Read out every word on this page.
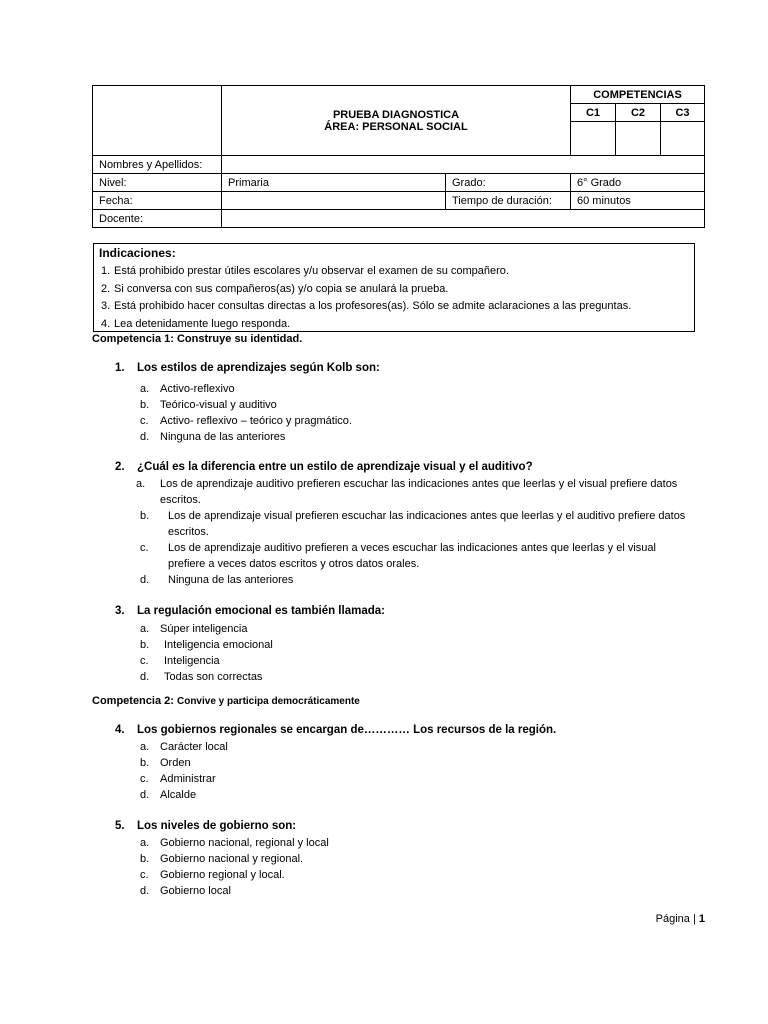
	PRUEBA DIAGNOSTICA
ÁREA: PERSONAL SOCIAL		COMPETENCIAS		
			C1	C2	C3

Nombres y Apellidos:					
Nivel:	Primaria	Grado:	6° Grado		
Fecha:		Tiempo de duración:	60 minutos		
Docente:					
Indicaciones:
1. Está prohibido prestar útiles escolares y/u observar el examen de su compañero.
2. Si conversa con sus compañeros(as) y/o copia se anulará la prueba.
3. Está prohibido hacer consultas directas a los profesores(as). Sólo se admite aclaraciones a las preguntas.
4. Lea detenidamente luego responda.
Competencia 1: Construye su identidad.
1. Los estilos de aprendizajes según Kolb son:
a. Activo-reflexivo
b. Teórico-visual y auditivo
c. Activo- reflexivo – teórico y pragmático.
d. Ninguna de las anteriores
2. ¿Cuál es la diferencia entre un estilo de aprendizaje visual y el auditivo?
a. Los de aprendizaje auditivo prefieren escuchar las indicaciones antes que leerlas y el visual prefiere datos escritos.
b. Los de aprendizaje visual prefieren escuchar las indicaciones antes que leerlas y el auditivo prefiere datos escritos.
c. Los de aprendizaje auditivo prefieren a veces escuchar las indicaciones antes que leerlas y el visual prefiere a veces datos escritos y otros datos orales.
d. Ninguna de las anteriores
3. La regulación emocional es también llamada:
a. Súper inteligencia
b. Inteligencia emocional
c. Inteligencia
d. Todas son correctas
Competencia 2: Convive y participa democráticamente
4. Los gobiernos regionales se encargan de………… Los recursos de la región.
a. Carácter local
b. Orden
c. Administrar
d. Alcalde
5. Los niveles de gobierno son:
a. Gobierno nacional, regional y local
b. Gobierno nacional y regional.
c. Gobierno regional y local.
d. Gobierno local
Página | 1
